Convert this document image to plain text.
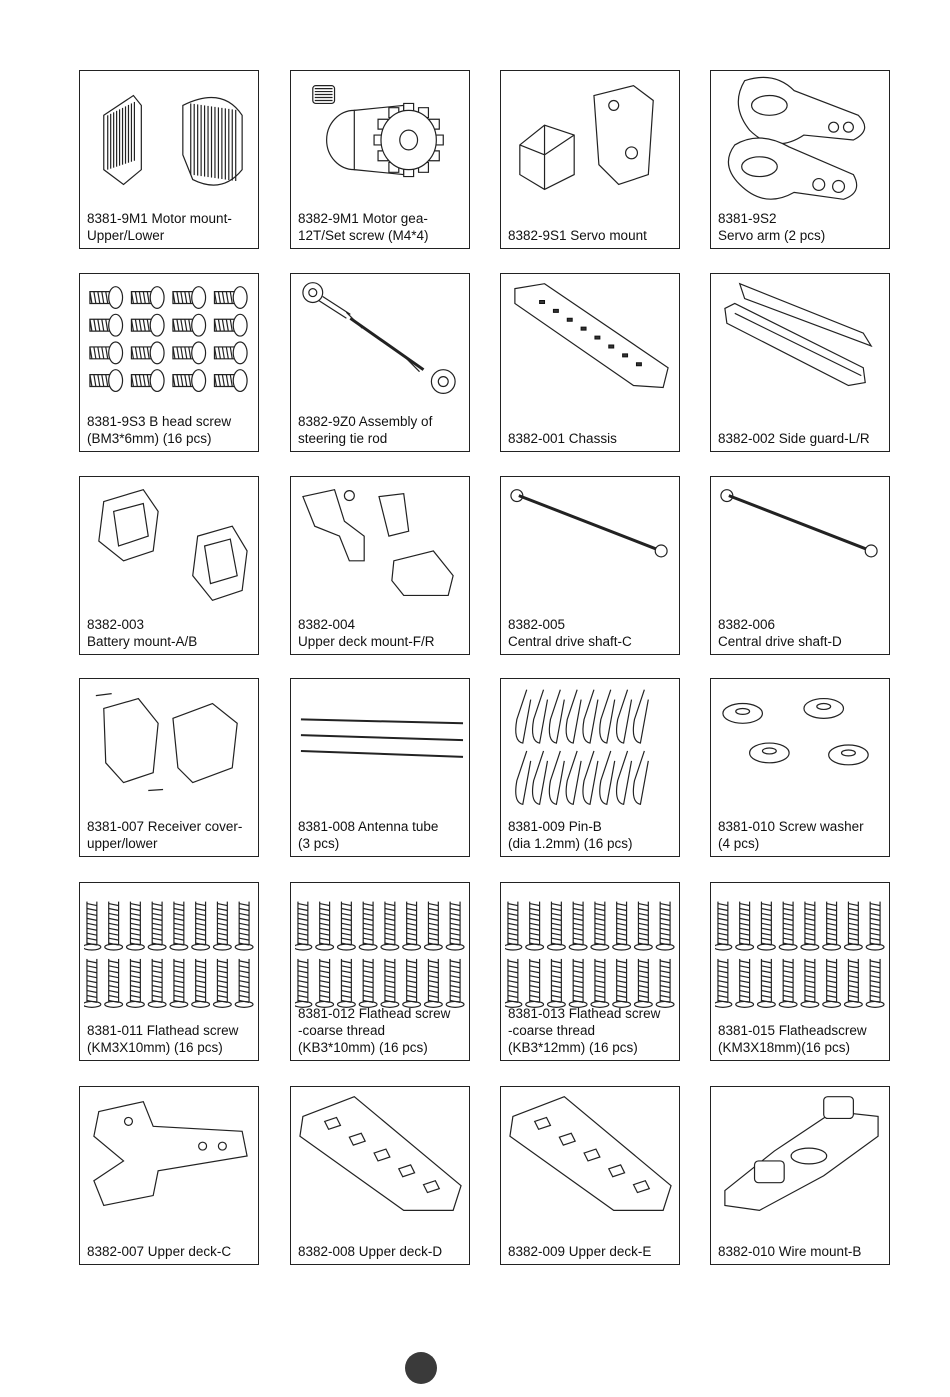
8381-9M1 Motor mount-
Upper/Lower
8382-9M1 Motor gea-
12T/Set screw (M4*4)	8382-9S1 Servo mount
8381-9S2
Servo arm (2 pcs)
8381-9S3 B head screw
(BM3*6mm) (16 pcs)
8382-9Z0 Assembly of
steering tie rod	8382-001 Chassis	8382-002 Side guard-L/R
8382-003
Battery mount-A/B
8382-004
Upper deck mount-F/R
8382-005
Central drive shaft-C
8382-006
Central drive shaft-D
8381-007 Receiver cover-
upper/lower
8381-008 Antenna tube
(3 pcs)
8381-009 Pin-B
(dia 1.2mm) (16 pcs)
8381-010 Screw washer
(4 pcs)
8381-011 Flathead screw
(KM3X10mm) (16 pcs)
8381-012 Flathead screw
-coarse thread
(KB3*10mm) (16 pcs)
8381-013 Flathead screw
-coarse thread
(KB3*12mm) (16 pcs)
8381-015 Flatheadscrew
(KM3X18mm)(16 pcs)
8382-007 Upper deck-C	8382-008 Upper deck-D	8382-009 Upper deck-E	8382-010 Wire mount-B
